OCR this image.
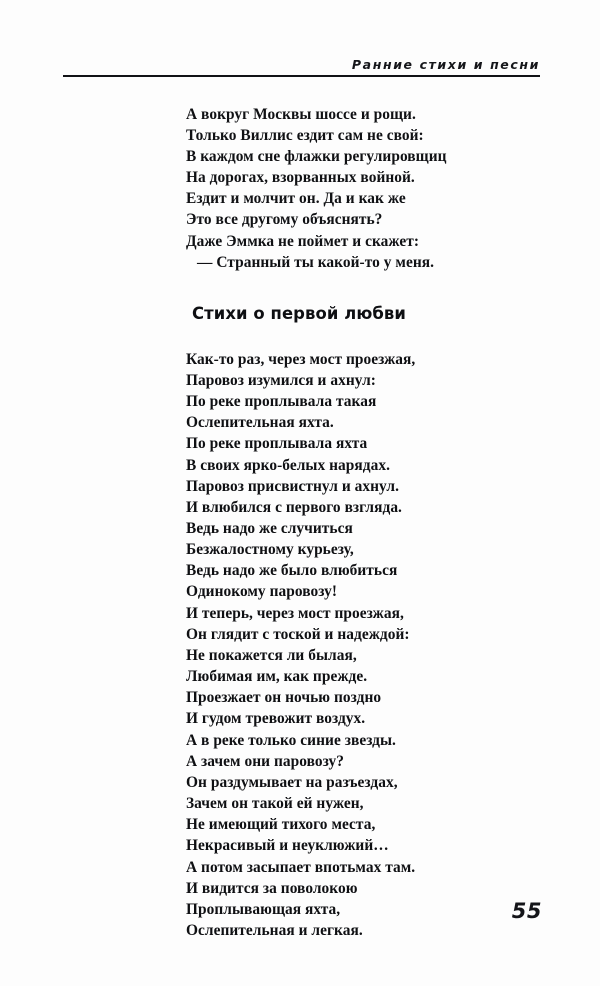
Ранние стихи и песни
А вокруг Москвы шоссе и рощи.
Только Виллис ездит сам не свой:
В каждом сне флажки регулировщиц
На дорогах, взорванных войной.
Ездит и молчит он. Да и как же
Это все другому объяснять?
Даже Эммка не поймет и скажет:
— Странный ты какой-то у меня.
Стихи о первой любви
Как-то раз, через мост проезжая,
Паровоз изумился и ахнул:
По реке проплывала такая
Ослепительная яхта.
По реке проплывала яхта
В своих ярко-белых нарядах.
Паровоз присвистнул и ахнул.
И влюбился с первого взгляда.
Ведь надо же случиться
Безжалостному курьезу,
Ведь надо же было влюбиться
Одинокому паровозу!
И теперь, через мост проезжая,
Он глядит с тоской и надеждой:
Не покажется ли былая,
Любимая им, как прежде.
Проезжает он ночью поздно
И гудом тревожит воздух.
А в реке только синие звезды.
А зачем они паровозу?
Он раздумывает на разъездах,
Зачем он такой ей нужен,
Не имеющий тихого места,
Некрасивый и неуклюжий…
А потом засыпает впотьмах там.
И видится за поволокою
Проплывающая яхта,
Ослепительная и легкая.
55
